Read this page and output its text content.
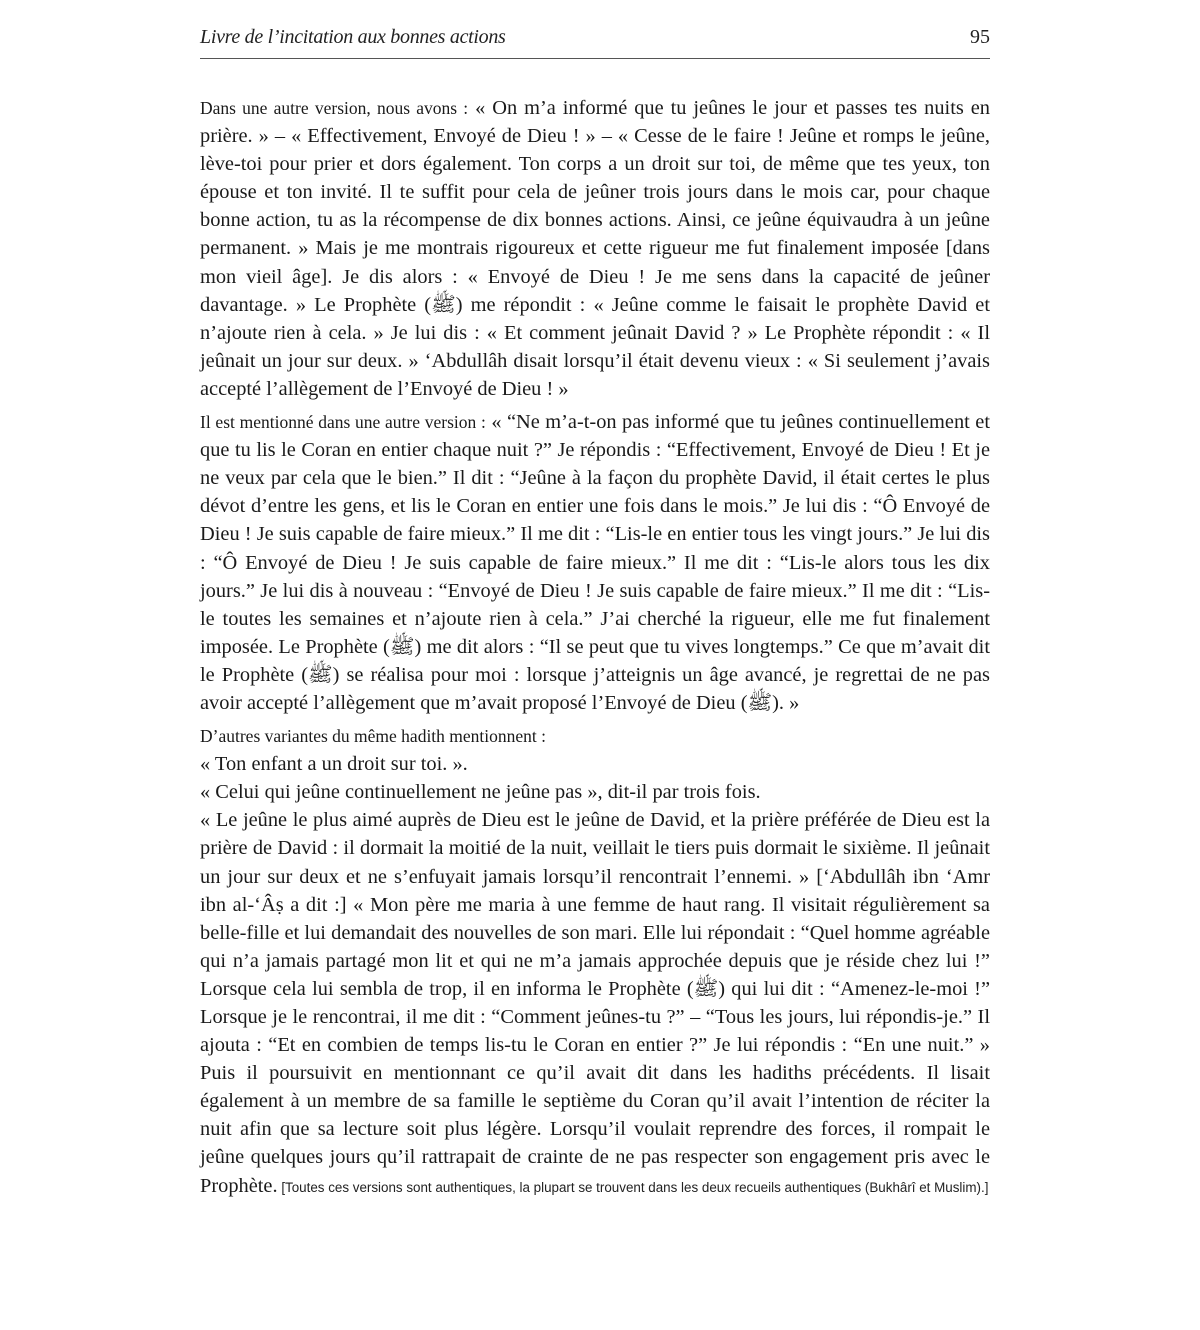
Livre de l’incitation aux bonnes actions	95

Dans une autre version, nous avons : « On m’a informé que tu jeûnes le jour et passes tes nuits en prière. » – « Effectivement, Envoyé de Dieu ! » – « Cesse de le faire ! Jeûne et romps le jeûne, lève-toi pour prier et dors également. Ton corps a un droit sur toi, de même que tes yeux, ton épouse et ton invité. Il te suffit pour cela de jeûner trois jours dans le mois car, pour chaque bonne action, tu as la récompense de dix bonnes actions. Ainsi, ce jeûne équivaudra à un jeûne permanent. » Mais je me montrais rigoureux et cette rigueur me fut finalement imposée [dans mon vieil âge]. Je dis alors : « Envoyé de Dieu ! Je me sens dans la capacité de jeûner davantage. » Le Prophète (ﷺ) me répondit : « Jeûne comme le faisait le prophète David et n’ajoute rien à cela. » Je lui dis : « Et comment jeûnait David ? » Le Prophète répondit : « Il jeûnait un jour sur deux. » ‘Abdullâh disait lorsqu’il était devenu vieux : « Si seulement j’avais accepté l’allègement de l’Envoyé de Dieu ! »

Il est mentionné dans une autre version : « “Ne m’a-t-on pas informé que tu jeûnes continuellement et que tu lis le Coran en entier chaque nuit ?” Je répondis : “Effectivement, Envoyé de Dieu ! Et je ne veux par cela que le bien.” Il dit : “Jeûne à la façon du prophète David, il était certes le plus dévot d’entre les gens, et lis le Coran en entier une fois dans le mois.” Je lui dis : “Ô Envoyé de Dieu ! Je suis capable de faire mieux.” Il me dit : “Lis-le en entier tous les vingt jours.” Je lui dis : “Ô Envoyé de Dieu ! Je suis capable de faire mieux.” Il me dit : “Lis-le alors tous les dix jours.” Je lui dis à nouveau : “Envoyé de Dieu ! Je suis capable de faire mieux.” Il me dit : “Lis-le toutes les semaines et n’ajoute rien à cela.” J’ai cherché la rigueur, elle me fut finalement imposée. Le Prophète (ﷺ) me dit alors : “Il se peut que tu vives longtemps.” Ce que m’avait dit le Prophète (ﷺ) se réalisa pour moi : lorsque j’atteignis un âge avancé, je regrettai de ne pas avoir accepté l’allègement que m’avait proposé l’Envoyé de Dieu (ﷺ). »

D’autres variantes du même hadith mentionnent :

« Ton enfant a un droit sur toi. ».

« Celui qui jeûne continuellement ne jeûne pas », dit-il par trois fois.

« Le jeûne le plus aimé auprès de Dieu est le jeûne de David, et la prière préférée de Dieu est la prière de David : il dormait la moitié de la nuit, veillait le tiers puis dormait le sixième. Il jeûnait un jour sur deux et ne s’enfuyait jamais lorsqu’il rencontrait l’ennemi. » [‘Abdullâh ibn ‘Amr ibn al-‘Âṣ a dit :] « Mon père me maria à une femme de haut rang. Il visitait régulièrement sa belle-fille et lui demandait des nouvelles de son mari. Elle lui répondait : “Quel homme agréable qui n’a jamais partagé mon lit et qui ne m’a jamais approchée depuis que je réside chez lui !” Lorsque cela lui sembla de trop, il en informa le Prophète (ﷺ) qui lui dit : “Amenez-le-moi !” Lorsque je le rencontrai, il me dit : “Comment jeûnes-tu ?” – “Tous les jours, lui répondis-je.” Il ajouta : “Et en combien de temps lis-tu le Coran en entier ?” Je lui répondis : “En une nuit.” » Puis il poursuivit en mentionnant ce qu’il avait dit dans les hadiths précédents. Il lisait également à un membre de sa famille le septième du Coran qu’il avait l’intention de réciter la nuit afin que sa lecture soit plus légère. Lorsqu’il voulait reprendre des forces, il rompait le jeûne quelques jours qu’il rattrapait de crainte de ne pas respecter son engagement pris avec le Prophète. [Toutes ces versions sont authentiques, la plupart se trouvent dans les deux recueils authentiques (Bukhârî et Muslim).]
